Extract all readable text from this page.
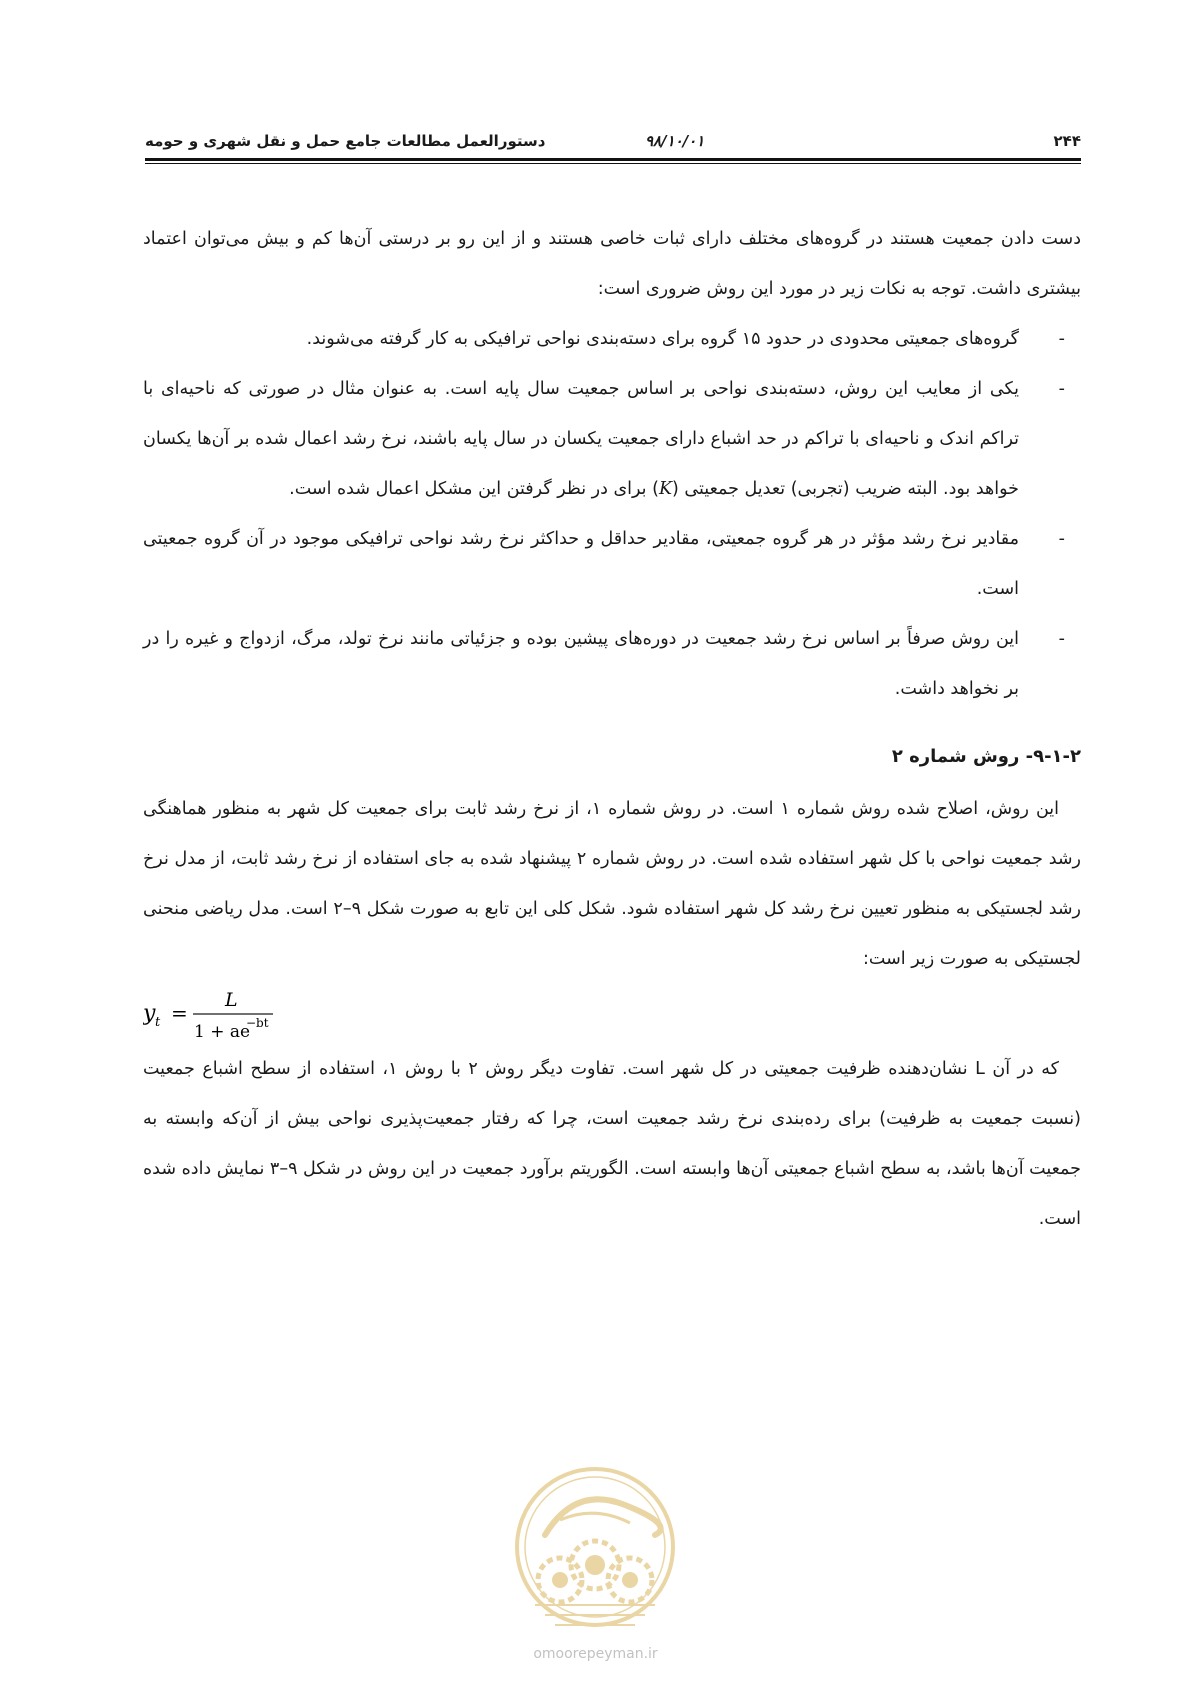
دستورالعمل مطالعات جامع حمل و نقل شهری و حومه	۹۸/۱۰/۰۱	۲۴۴

دست دادن جمعیت هستند در گروه‌های مختلف دارای ثبات خاصی هستند و از این رو بر درستی آن‌ها کم و بیش می‌توان اعتماد بیشتری داشت. توجه به نکات زیر در مورد این روش ضروری است:

-
گروه‌های جمعیتی محدودی در حدود ۱۵ گروه برای دسته‌بندی نواحی ترافیکی به کار گرفته می‌شوند.
-
یکی از معایب این روش، دسته‌بندی نواحی بر اساس جمعیت سال پایه است. به عنوان مثال در صورتی که ناحیه‌ای با تراکم اندک و ناحیه‌ای با تراکم در حد اشباع دارای جمعیت یکسان در سال پایه باشند، نرخ رشد اعمال شده بر آن‌ها یکسان خواهد بود. البته ضریب (تجربی) تعدیل جمعیتی (K) برای در نظر گرفتن این مشکل اعمال شده است.
-
مقادیر نرخ رشد مؤثر در هر گروه جمعیتی، مقادیر حداقل و حداکثر نرخ رشد نواحی ترافیکی موجود در آن گروه جمعیتی است.
-
این روش صرفاً بر اساس نرخ رشد جمعیت در دوره‌های پیشین بوده و جزئیاتی مانند نرخ تولد، مرگ، ازدواج و غیره را در بر نخواهد داشت.

۹-۱-۲- روش شماره ۲

این روش، اصلاح شده روش شماره ۱ است. در روش شماره ۱، از نرخ رشد ثابت برای جمعیت کل شهر به منظور هماهنگی رشد جمعیت نواحی با کل شهر استفاده شده است. در روش شماره ۲ پیشنهاد شده به جای استفاده از نرخ رشد ثابت، از مدل نرخ رشد لجستیکی به منظور تعیین نرخ رشد کل شهر استفاده شود. شکل کلی این تابع به صورت شکل ۹–۲ است. مدل ریاضی منحنی لجستیکی به صورت زیر است:

y t =
L
1 + ae
−bt

که در آن L نشان‌دهنده ظرفیت جمعیتی در کل شهر است. تفاوت دیگر روش ۲ با روش ۱، استفاده از سطح اشباع جمعیت (نسبت جمعیت به ظرفیت) برای رده‌بندی نرخ رشد جمعیت است، چرا که رفتار جمعیت‌پذیری نواحی بیش از آن‌که وابسته به جمعیت آن‌ها باشد، به سطح اشباع جمعیتی آن‌ها وابسته است. الگوریتم برآورد جمعیت در این روش در شکل ۹–۳ نمایش داده شده است.

omoorepeyman.ir
